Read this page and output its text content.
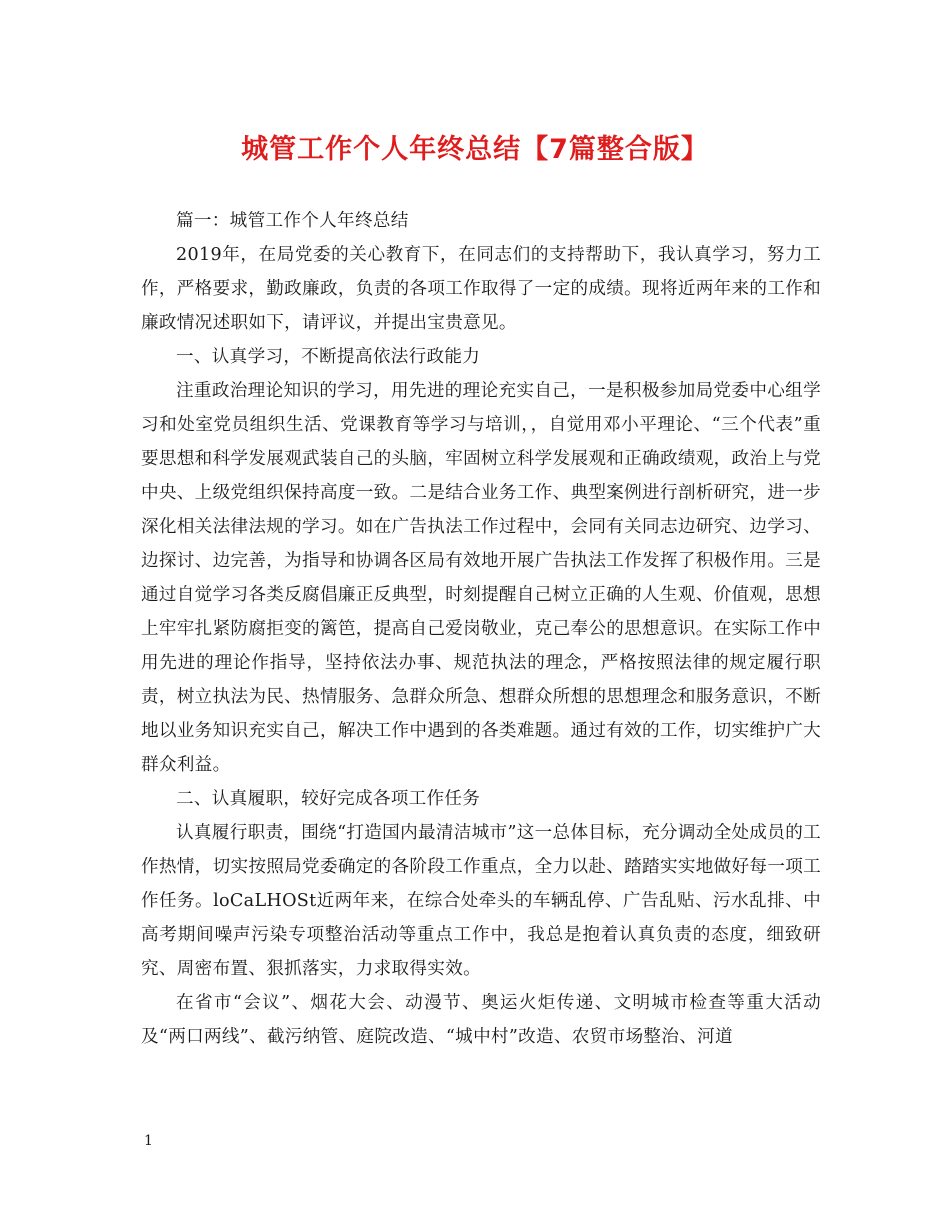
城管工作个人年终总结【7篇整合版】

篇一：城管工作个人年终总结

2019年，在局党委的关心教育下，在同志们的支持帮助下，我认真学习，努力工作，严格要求，勤政廉政，负责的各项工作取得了一定的成绩。现将近两年来的工作和廉政情况述职如下，请评议，并提出宝贵意见。

一、认真学习，不断提高依法行政能力

注重政治理论知识的学习，用先进的理论充实自己，一是积极参加局党委中心组学习和处室党员组织生活、党课教育等学习与培训，，自觉用邓小平理论、“三个代表”重要思想和科学发展观武装自己的头脑，牢固树立科学发展观和正确政绩观，政治上与党中央、上级党组织保持高度一致。二是结合业务工作、典型案例进行剖析研究，进一步深化相关法律法规的学习。如在广告执法工作过程中，会同有关同志边研究、边学习、边探讨、边完善，为指导和协调各区局有效地开展广告执法工作发挥了积极作用。三是通过自觉学习各类反腐倡廉正反典型，时刻提醒自己树立正确的人生观、价值观，思想上牢牢扎紧防腐拒变的篱笆，提高自己爱岗敬业，克己奉公的思想意识。在实际工作中用先进的理论作指导，坚持依法办事、规范执法的理念，严格按照法律的规定履行职责，树立执法为民、热情服务、急群众所急、想群众所想的思想理念和服务意识，不断地以业务知识充实自己，解决工作中遇到的各类难题。通过有效的工作，切实维护广大群众利益。

二、认真履职，较好完成各项工作任务

认真履行职责，围绕“打造国内最清洁城市”这一总体目标，充分调动全处成员的工作热情，切实按照局党委确定的各阶段工作重点，全力以赴、踏踏实实地做好每一项工作任务。loCaLHOSt近两年来，在综合处牵头的车辆乱停、广告乱贴、污水乱排、中高考期间噪声污染专项整治活动等重点工作中，我总是抱着认真负责的态度，细致研究、周密布置、狠抓落实，力求取得实效。

在省市“会议”、烟花大会、动漫节、奥运火炬传递、文明城市检查等重大活动及“两口两线”、截污纳管、庭院改造、“城中村”改造、农贸市场整治、河道

1
